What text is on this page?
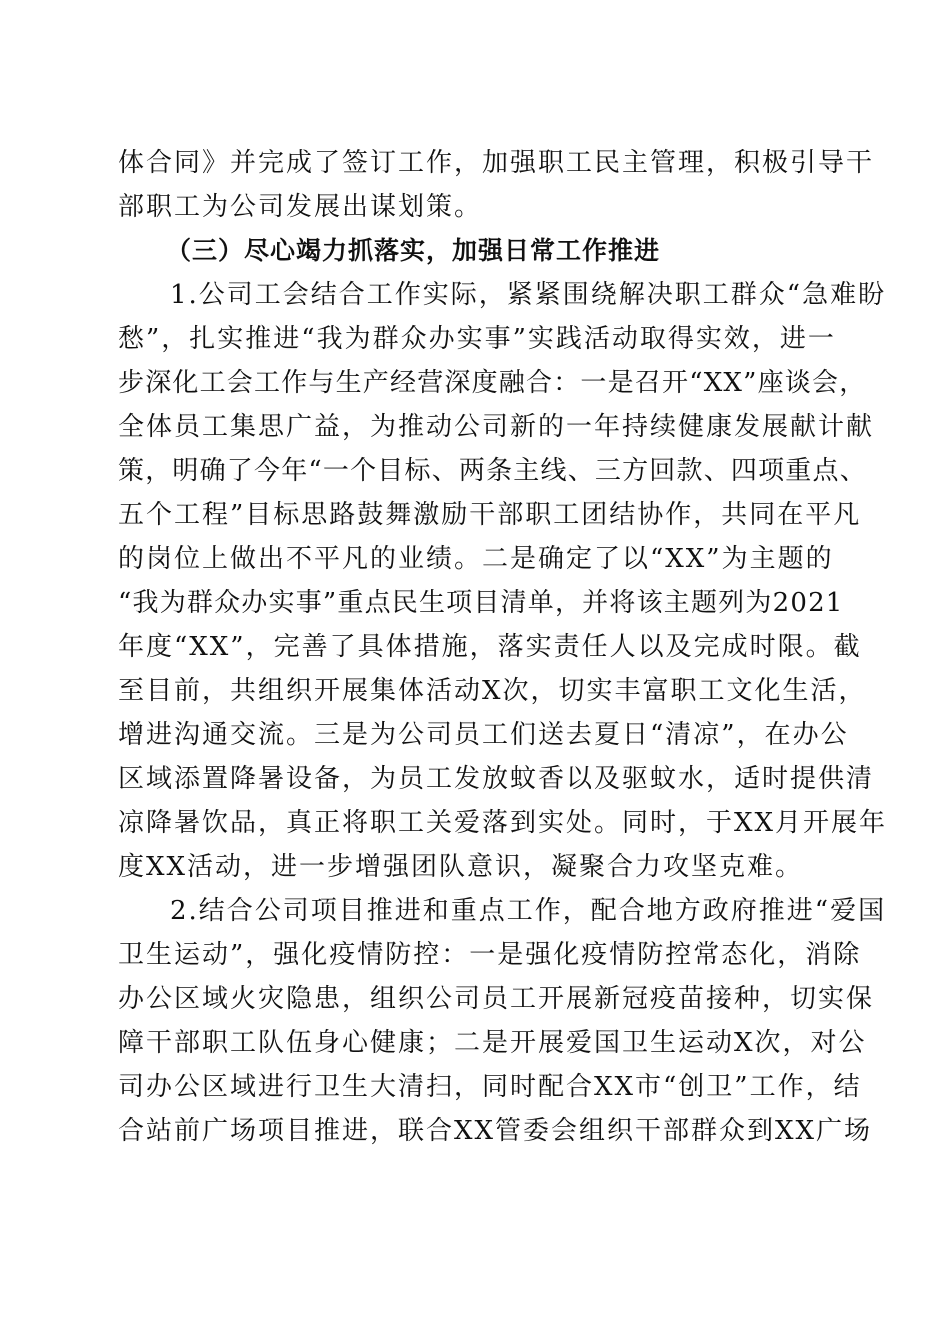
体合同》并完成了签订工作，加强职工民主管理，积极引导干
部职工为公司发展出谋划策。
（三）尽心竭力抓落实，加强日常工作推进
1.公司工会结合工作实际，紧紧围绕解决职工群众“急难盼
愁”，扎实推进“我为群众办实事”实践活动取得实效，进一
步深化工会工作与生产经营深度融合：一是召开“XX”座谈会，
全体员工集思广益，为推动公司新的一年持续健康发展献计献
策，明确了今年“一个目标、两条主线、三方回款、四项重点、
五个工程”目标思路鼓舞激励干部职工团结协作，共同在平凡
的岗位上做出不平凡的业绩。二是确定了以“XX”为主题的
“我为群众办实事”重点民生项目清单，并将该主题列为2021
年度“XX”，完善了具体措施，落实责任人以及完成时限。截
至目前，共组织开展集体活动X次，切实丰富职工文化生活，
增进沟通交流。三是为公司员工们送去夏日“清凉”，在办公
区域添置降暑设备，为员工发放蚊香以及驱蚊水，适时提供清
凉降暑饮品，真正将职工关爱落到实处。同时，于XX月开展年
度XX活动，进一步增强团队意识，凝聚合力攻坚克难。
2.结合公司项目推进和重点工作，配合地方政府推进“爱国
卫生运动”，强化疫情防控：一是强化疫情防控常态化，消除
办公区域火灾隐患，组织公司员工开展新冠疫苗接种，切实保
障干部职工队伍身心健康；二是开展爱国卫生运动X次，对公
司办公区域进行卫生大清扫，同时配合XX市“创卫”工作，结
合站前广场项目推进，联合XX管委会组织干部群众到XX广场
